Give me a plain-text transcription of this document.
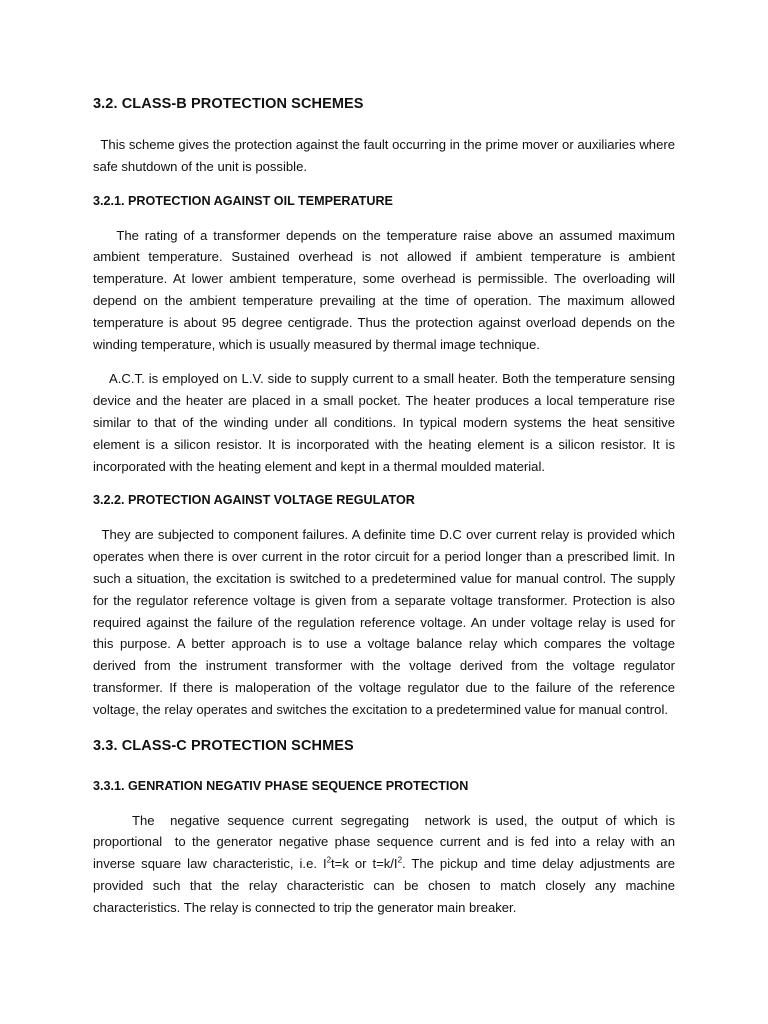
3.2. CLASS-B PROTECTION SCHEMES

This scheme gives the protection against the fault occurring in the prime mover or auxiliaries where safe shutdown of the unit is possible.

3.2.1. PROTECTION AGAINST OIL TEMPERATURE

The rating of a transformer depends on the temperature raise above an assumed maximum ambient temperature. Sustained overhead is not allowed if ambient temperature is ambient temperature. At lower ambient temperature, some overhead is permissible. The overloading will depend on the ambient temperature prevailing at the time of operation. The maximum allowed temperature is about 95 degree centigrade. Thus the protection against overload depends on the winding temperature, which is usually measured by thermal image technique.

A.C.T. is employed on L.V. side to supply current to a small heater. Both the temperature sensing device and the heater are placed in a small pocket. The heater produces a local temperature rise similar to that of the winding under all conditions. In typical modern systems the heat sensitive element is a silicon resistor. It is incorporated with the heating element is a silicon resistor. It is incorporated with the heating element and kept in a thermal moulded material.

3.2.2. PROTECTION AGAINST VOLTAGE REGULATOR

They are subjected to component failures. A definite time D.C over current relay is provided which operates when there is over current in the rotor circuit for a period longer than a prescribed limit. In such a situation, the excitation is switched to a predetermined value for manual control. The supply for the regulator reference voltage is given from a separate voltage transformer. Protection is also required against the failure of the regulation reference voltage. An under voltage relay is used for this purpose. A better approach is to use a voltage balance relay which compares the voltage derived from the instrument transformer with the voltage derived from the voltage regulator transformer. If there is maloperation of the voltage regulator due to the failure of the reference voltage, the relay operates and switches the excitation to a predetermined value for manual control.

3.3. CLASS-C PROTECTION SCHMES
3.3.1. GENRATION NEGATIV PHASE SEQUENCE PROTECTION

The  negative sequence current segregating  network is used, the output of which is proportional  to the generator negative phase sequence current and is fed into a relay with an inverse square law characteristic, i.e. $I^2t=k$ or $t=k/I^2$. The pickup and time delay adjustments are provided such that the relay characteristic can be chosen to match closely any machine characteristics. The relay is connected to trip the generator main breaker.
